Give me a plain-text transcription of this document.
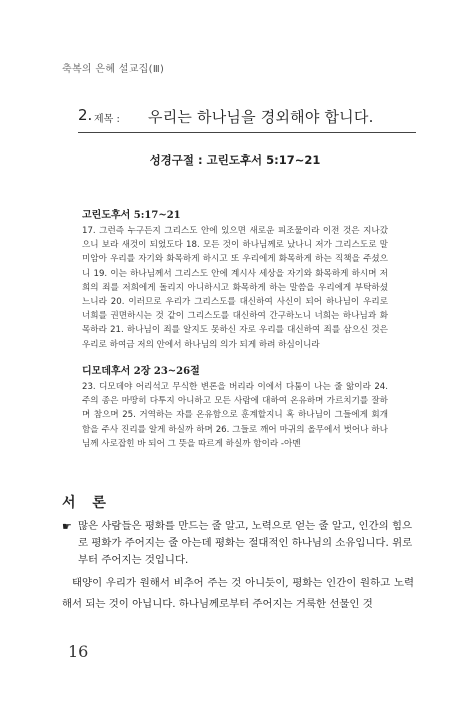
축복의 은혜 설교집(Ⅲ)
2. 제목 : 우리는 하나님을 경외해야 합니다.
성경구절 : 고린도후서 5:17~21
고린도후서 5:17~21
17. 그런즉 누구든지 그리스도 안에 있으면 새로운 피조물이라 이전 것은 지나갔으니 보라 새것이 되었도다 18. 모든 것이 하나님께로 났나니 저가 그리스도로 말미암아 우리를 자기와 화목하게 하시고 또 우리에게 화목하게 하는 직책을 주셨으니 19. 이는 하나님께서 그리스도 안에 계시사 세상을 자기와 화목하게 하시며 저희의 죄를 저희에게 돌리지 아니하시고 화목하게 하는 말씀을 우리에게 부탁하셨느니라 20. 이러므로 우리가 그리스도를 대신하여 사신이 되어 하나님이 우리로 너희를 권면하시는 것 같이 그리스도를 대신하여 간구하노니 너희는 하나님과 화목하라 21. 하나님이 죄를 알지도 못하신 자로 우리를 대신하여 죄를 삼으신 것은 우리로 하여금 저의 안에서 하나님의 의가 되게 하려 하심이니라
디모데후서 2장 23~26절
23. 디모데야 어리석고 무식한 변론을 버리라 이에서 다툼이 나는 줄 앎이라 24. 주의 종은 마땅히 다투지 아니하고 모든 사람에 대하여 온유하며 가르치기를 잘하며 참으며 25. 거역하는 자를 온유함으로 훈계할지니 혹 하나님이 그들에게 회개함을 주사 진리를 알게 하실까 하며 26. 그들로 깨어 마귀의 올무에서 벗어나 하나님께 사로잡힌 바 되어 그 뜻을 따르게 하실까 함이라 -아멘
서 론
☛ 많은 사람들은 평화를 만드는 줄 알고, 노력으로 얻는 줄 알고, 인간의 힘으로 평화가 주어지는 줄 아는데 평화는 절대적인 하나님의 소유입니다. 위로부터 주어지는 것입니다.
태양이 우리가 원해서 비추어 주는 것 아니듯이, 평화는 인간이 원하고 노력해서 되는 것이 아닙니다. 하나님께로부터 주어지는 거룩한 선물인 것
16
